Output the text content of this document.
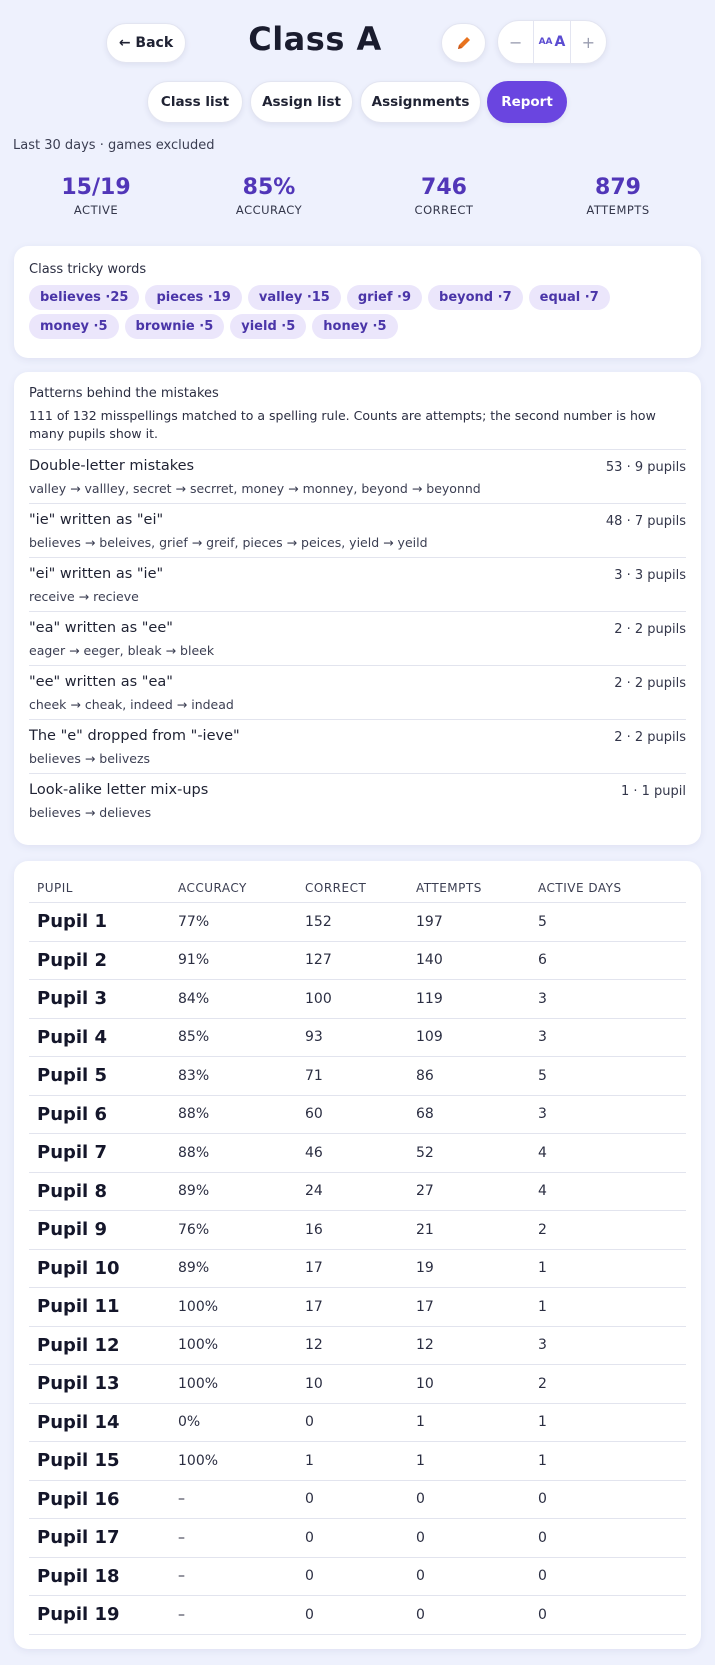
← Back	Class A	−	AA A	+
Class list	Assign list	Assignments	Report
Last 30 days · games excluded
15/19
ACTIVE
85%
ACCURACY
746
CORRECT
879
ATTEMPTS
Class tricky words
believes ·25	pieces ·19	valley ·15	grief ·9	beyond ·7	equal ·7
money ·5	brownie ·5	yield ·5	honey ·5
Patterns behind the mistakes
111 of 132 misspellings matched to a spelling rule. Counts are attempts; the second number is how many pupils show it.
Double-letter mistakes	53 · 9 pupils
valley → vallley, secret → secrret, money → monney, beyond → beyonnd
"ie" written as "ei"	48 · 7 pupils
believes → beleives, grief → greif, pieces → peices, yield → yeild
"ei" written as "ie"	3 · 3 pupils
receive → recieve
"ea" written as "ee"	2 · 2 pupils
eager → eeger, bleak → bleek
"ee" written as "ea"	2 · 2 pupils
cheek → cheak, indeed → indead
The "e" dropped from "-ieve"	2 · 2 pupils
believes → belivezs
Look-alike letter mix-ups	1 · 1 pupil
believes → delieves
PUPIL	ACCURACY	CORRECT	ATTEMPTS	ACTIVE DAYS
Pupil 1	77%	152	197	5
Pupil 2	91%	127	140	6
Pupil 3	84%	100	119	3
Pupil 4	85%	93	109	3
Pupil 5	83%	71	86	5
Pupil 6	88%	60	68	3
Pupil 7	88%	46	52	4
Pupil 8	89%	24	27	4
Pupil 9	76%	16	21	2
Pupil 10	89%	17	19	1
Pupil 11	100%	17	17	1
Pupil 12	100%	12	12	3
Pupil 13	100%	10	10	2
Pupil 14	0%	0	1	1
Pupil 15	100%	1	1	1
Pupil 16	–	0	0	0
Pupil 17	–	0	0	0
Pupil 18	–	0	0	0
Pupil 19	–	0	0	0
